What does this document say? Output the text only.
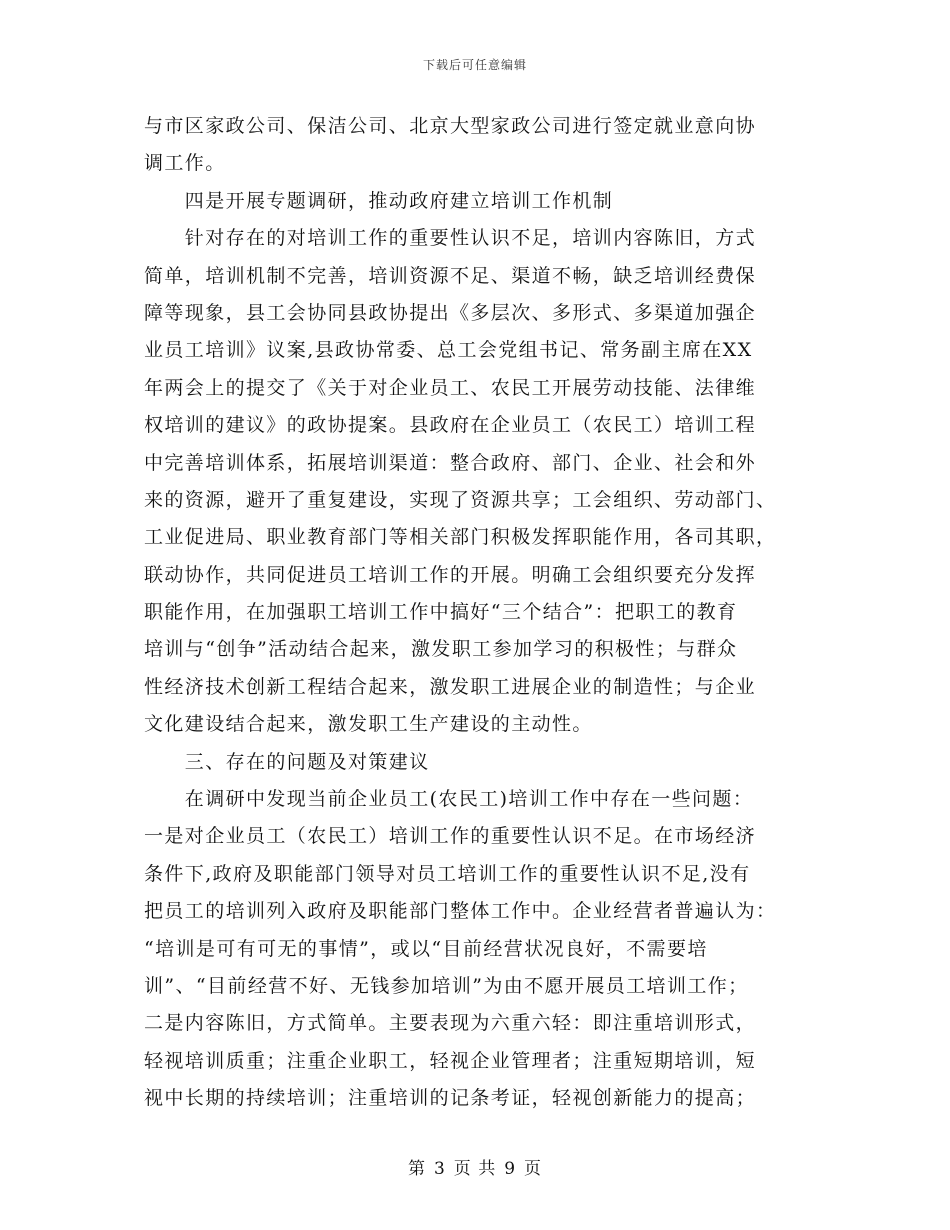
下载后可任意编辑
与市区家政公司、保洁公司、北京大型家政公司进行签定就业意向协
调工作。
　　四是开展专题调研，推动政府建立培训工作机制
　　针对存在的对培训工作的重要性认识不足，培训内容陈旧，方式
简单，培训机制不完善，培训资源不足、渠道不畅，缺乏培训经费保
障等现象，县工会协同县政协提出《多层次、多形式、多渠道加强企
业员工培训》议案,县政协常委、总工会党组书记、常务副主席在XX
年两会上的提交了《关于对企业员工、农民工开展劳动技能、法律维
权培训的建议》的政协提案。县政府在企业员工（农民工）培训工程
中完善培训体系，拓展培训渠道：整合政府、部门、企业、社会和外
来的资源，避开了重复建设，实现了资源共享；工会组织、劳动部门、
工业促进局、职业教育部门等相关部门积极发挥职能作用，各司其职，
联动协作，共同促进员工培训工作的开展。明确工会组织要充分发挥
职能作用，在加强职工培训工作中搞好“三个结合”：把职工的教育
培训与“创争”活动结合起来，激发职工参加学习的积极性；与群众
性经济技术创新工程结合起来，激发职工进展企业的制造性；与企业
文化建设结合起来，激发职工生产建设的主动性。
　　三、存在的问题及对策建议
　　在调研中发现当前企业员工(农民工)培训工作中存在一些问题：
一是对企业员工（农民工）培训工作的重要性认识不足。在市场经济
条件下,政府及职能部门领导对员工培训工作的重要性认识不足,没有
把员工的培训列入政府及职能部门整体工作中。企业经营者普遍认为：
“培训是可有可无的事情”，或以“目前经营状况良好，不需要培
训”、“目前经营不好、无钱参加培训”为由不愿开展员工培训工作；
二是内容陈旧，方式简单。主要表现为六重六轻：即注重培训形式，
轻视培训质重；注重企业职工，轻视企业管理者；注重短期培训，短
视中长期的持续培训；注重培训的记条考证，轻视创新能力的提高；
第 3 页 共 9 页
